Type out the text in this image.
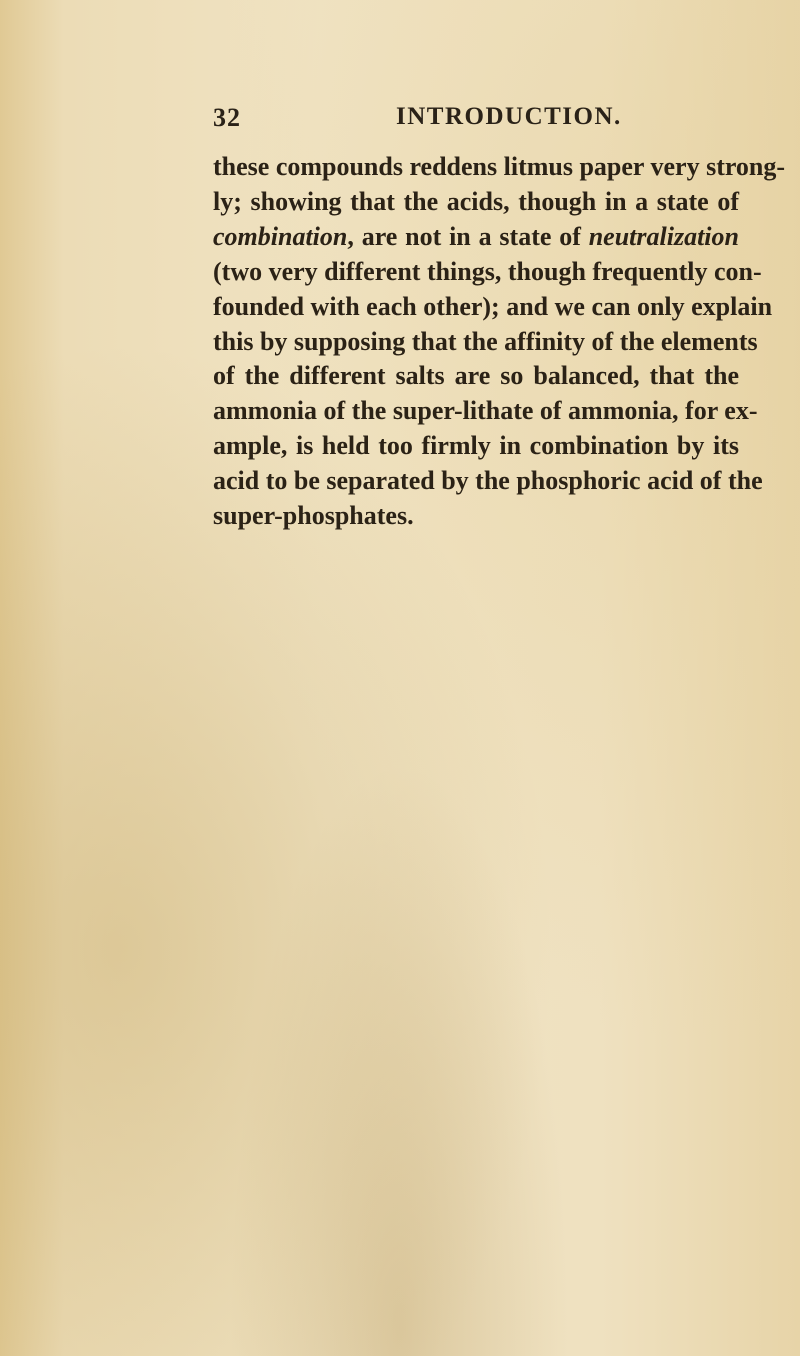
32	INTRODUCTION.
these compounds reddens litmus paper very strong-
ly; showing that the acids, though in a state of
combination, are not in a state of neutralization
(two very different things, though frequently con-
founded with each other); and we can only explain
this by supposing that the affinity of the elements
of the different salts are so balanced, that the
ammonia of the super-lithate of ammonia, for ex-
ample, is held too firmly in combination by its
acid to be separated by the phosphoric acid of the
super-phosphates.
